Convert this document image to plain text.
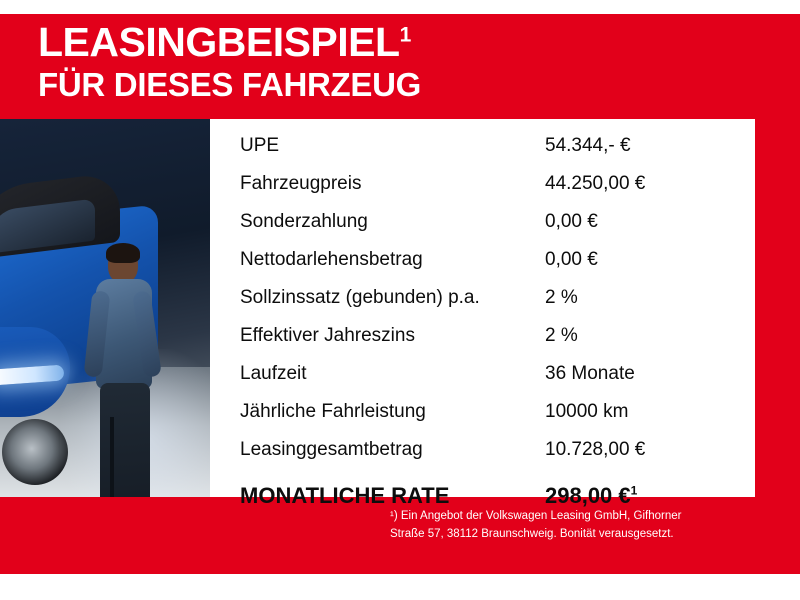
LEASINGBEISPIEL$^1$
FÜR DIESES FAHRZEUG
UPE	54.344,- €
Fahrzeugpreis	44.250,00 €
Sonderzahlung	0,00 €
Nettodarlehensbetrag	0,00 €
Sollzinssatz (gebunden) p.a.	2 %
Effektiver Jahreszins	2 %
Laufzeit	36 Monate
Jährliche Fahrleistung	10000 km
Leasinggesamtbetrag	10.728,00 €
MONATLICHE RATE	298,00 €$^1$
¹) Ein Angebot der Volkswagen Leasing GmbH, Gifhorner
Straße 57, 38112 Braunschweig. Bonität verausgesetzt.
